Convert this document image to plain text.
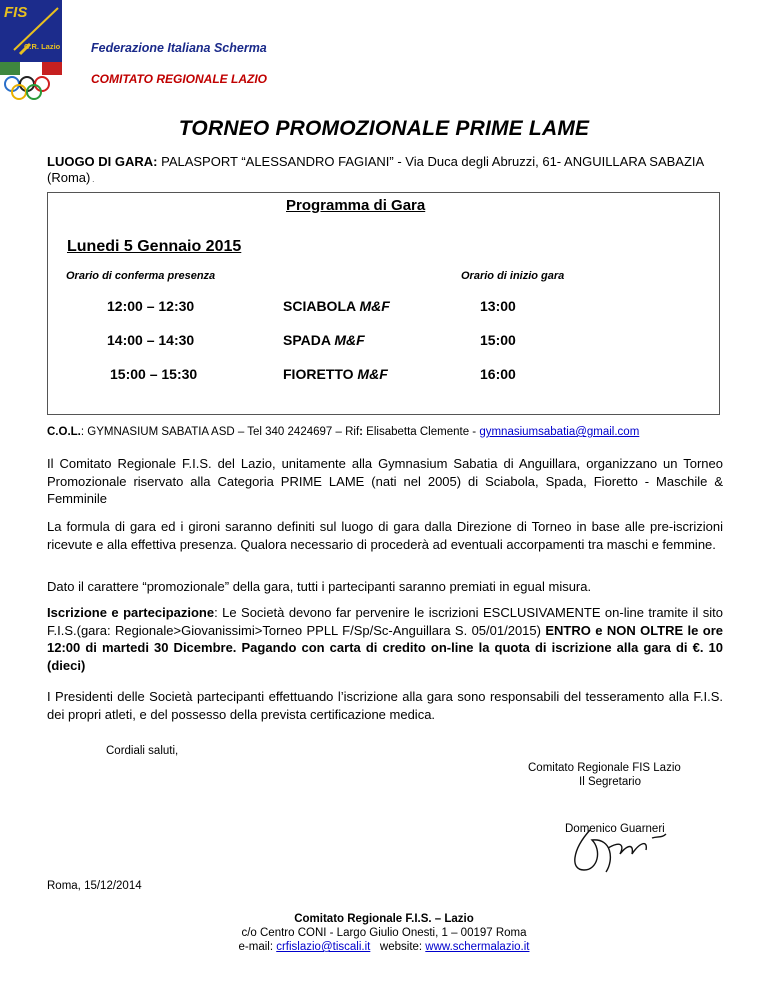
FIS
C.R. Lazio Federazione Italiana Scherma
COMITATO REGIONALE LAZIO
TORNEO PROMOZIONALE PRIME LAME
LUOGO DI GARA: PALASPORT “ALESSANDRO FAGIANI” - Via Duca degli Abruzzi, 61- ANGUILLARA SABAZIA (Roma) .
Programma di Gara
Lunedi 5 Gennaio 2015
Orario di conferma presenza	Orario di inizio gara
12:00 – 12:30	SCIABOLA M&F	13:00
14:00 – 14:30	SPADA M&F	15:00
15:00 – 15:30	FIORETTO M&F	16:00
C.O.L.: GYMNASIUM SABATIA ASD – Tel 340 2424697 – Rif: Elisabetta Clemente - gymnasiumsabatia@gmail.com
Il Comitato Regionale F.I.S. del Lazio, unitamente alla Gymnasium Sabatia di Anguillara, organizzano un Torneo Promozionale riservato alla Categoria PRIME LAME (nati nel 2005) di Sciabola, Spada, Fioretto - Maschile & Femminile
La formula di gara ed i gironi saranno definiti sul luogo di gara dalla Direzione di Torneo in base alle pre-iscrizioni ricevute e alla effettiva presenza. Qualora necessario di procederà ad eventuali accorpamenti tra maschi e femmine.
Dato il carattere “promozionale” della gara, tutti i partecipanti saranno premiati in egual misura.
Iscrizione e partecipazione: Le Società devono far pervenire le iscrizioni ESCLUSIVAMENTE on-line tramite il sito F.I.S.(gara: Regionale>Giovanissimi>Torneo PPLL F/Sp/Sc-Anguillara S. 05/01/2015) ENTRO e NON OLTRE le ore 12:00 di martedi 30 Dicembre. Pagando con carta di credito on-line la quota di iscrizione alla gara di €. 10 (dieci)
I Presidenti delle Società partecipanti effettuando l’iscrizione alla gara sono responsabili del tesseramento alla F.I.S. dei propri atleti, e del possesso della prevista certificazione medica.
Cordiali saluti,
Comitato Regionale FIS Lazio
Il Segretario
Domenico Guarneri
Roma, 15/12/2014
Comitato Regionale F.I.S. – Lazio
c/o Centro CONI - Largo Giulio Onesti, 1 – 00197 Roma
e-mail: crfislazio@tiscali.it   website: www.schermalazio.it
